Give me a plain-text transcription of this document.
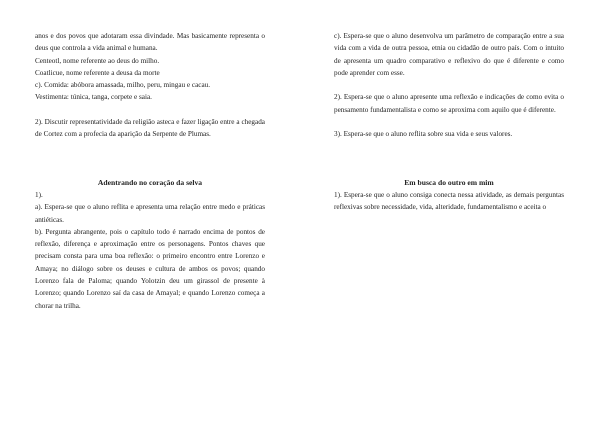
anos e dos povos que adotaram essa divindade. Mas basicamente representa o deus que controla a vida animal e humana.

Centeotl, nome referente ao deus do milho.

Coatlicue, nome referente a deusa da morte

c). Comida: abóbora amassada, milho, peru, mingau e cacau.

Vestimenta: túnica, tanga, corpete e saia.

2). Discutir representatividade da religião asteca e fazer ligação entre a chegada de Cortez com a profecia da aparição da Serpente de Plumas.

Adentrando no coração da selva

1).

a). Espera-se que o aluno reflita e apresenta uma relação entre medo e práticas antiéticas.

b). Pergunta abrangente, pois o capítulo todo é narrado encima de pontos de reflexão, diferença e aproximação entre os personagens. Pontos chaves que precisam consta para uma boa reflexão: o primeiro encontro entre Lorenzo e Amaya; no diálogo sobre os deuses e cultura de ambos os povos; quando Lorenzo fala de Paloma; quando Yolotzin deu um girassol de presente à Lorenzo; quando Lorenzo saí da casa de Amayal; e quando Lorenzo começa a chorar na trilha.

c). Espera-se que o aluno desenvolva um parâmetro de comparação entre a sua vida com a vida de outra pessoa, etnia ou cidadão de outro país. Com o intuito de apresenta um quadro comparativo e reflexivo do que é diferente e como pode aprender com esse.

2). Espera-se que o aluno apresente uma reflexão e indicações de como evita o pensamento fundamentalista e como se aproxima com aquilo que é diferente.

3). Espera-se que o aluno reflita sobre sua vida e seus valores.

Em busca do outro em mim

1). Espera-se que o aluno consiga conecta nessa atividade, as demais perguntas reflexivas sobre necessidade, vida, alteridade, fundamentalismo e aceita o
